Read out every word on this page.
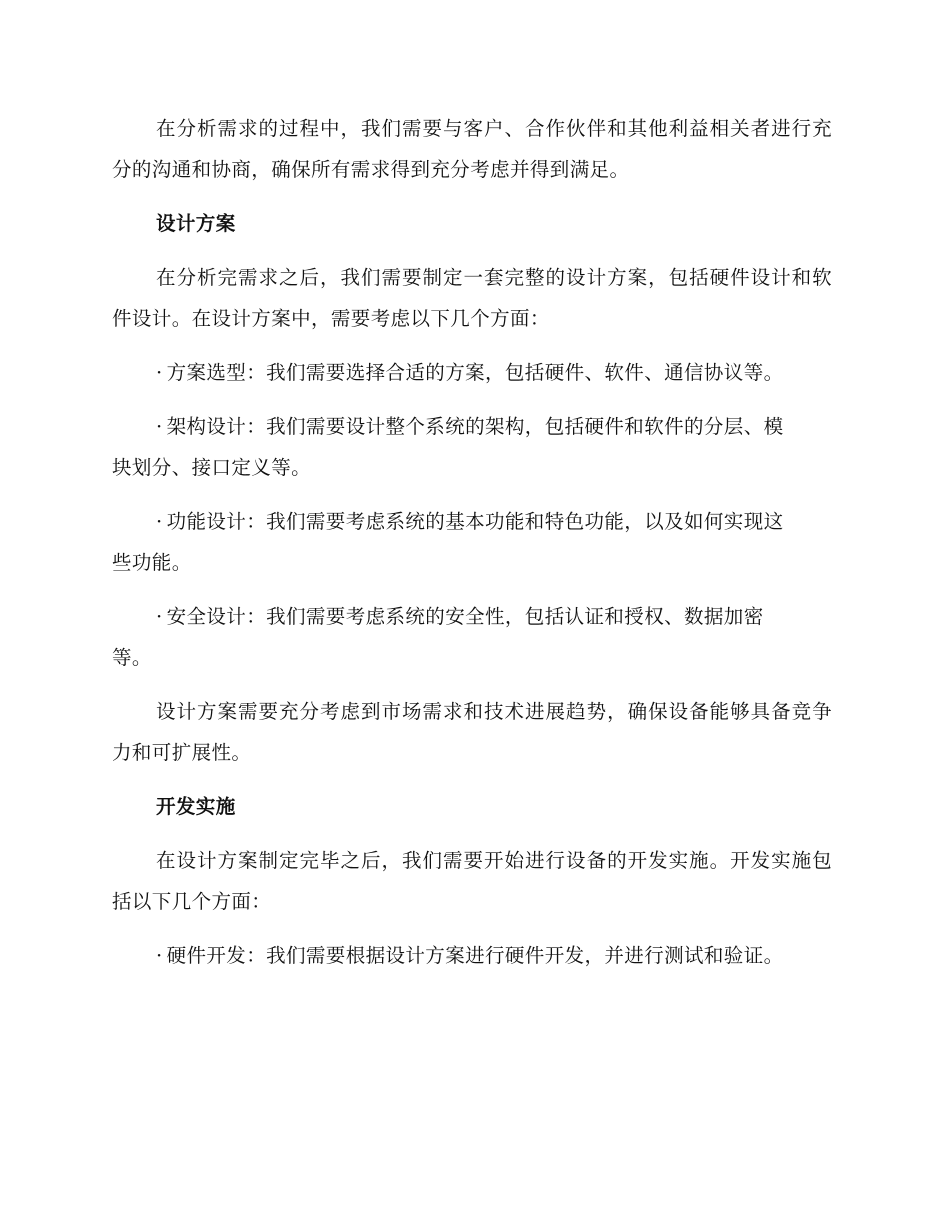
在分析需求的过程中，我们需要与客户、合作伙伴和其他利益相关者进行充分的沟通和协商，确保所有需求得到充分考虑并得到满足。

设计方案

在分析完需求之后，我们需要制定一套完整的设计方案，包括硬件设计和软件设计。在设计方案中，需要考虑以下几个方面：

· 方案选型：我们需要选择合适的方案，包括硬件、软件、通信协议等。

· 架构设计：我们需要设计整个系统的架构，包括硬件和软件的分层、模块划分、接口定义等。

· 功能设计：我们需要考虑系统的基本功能和特色功能，以及如何实现这些功能。

· 安全设计：我们需要考虑系统的安全性，包括认证和授权、数据加密等。

设计方案需要充分考虑到市场需求和技术进展趋势，确保设备能够具备竞争力和可扩展性。

开发实施

在设计方案制定完毕之后，我们需要开始进行设备的开发实施。开发实施包括以下几个方面：

· 硬件开发：我们需要根据设计方案进行硬件开发，并进行测试和验证。
